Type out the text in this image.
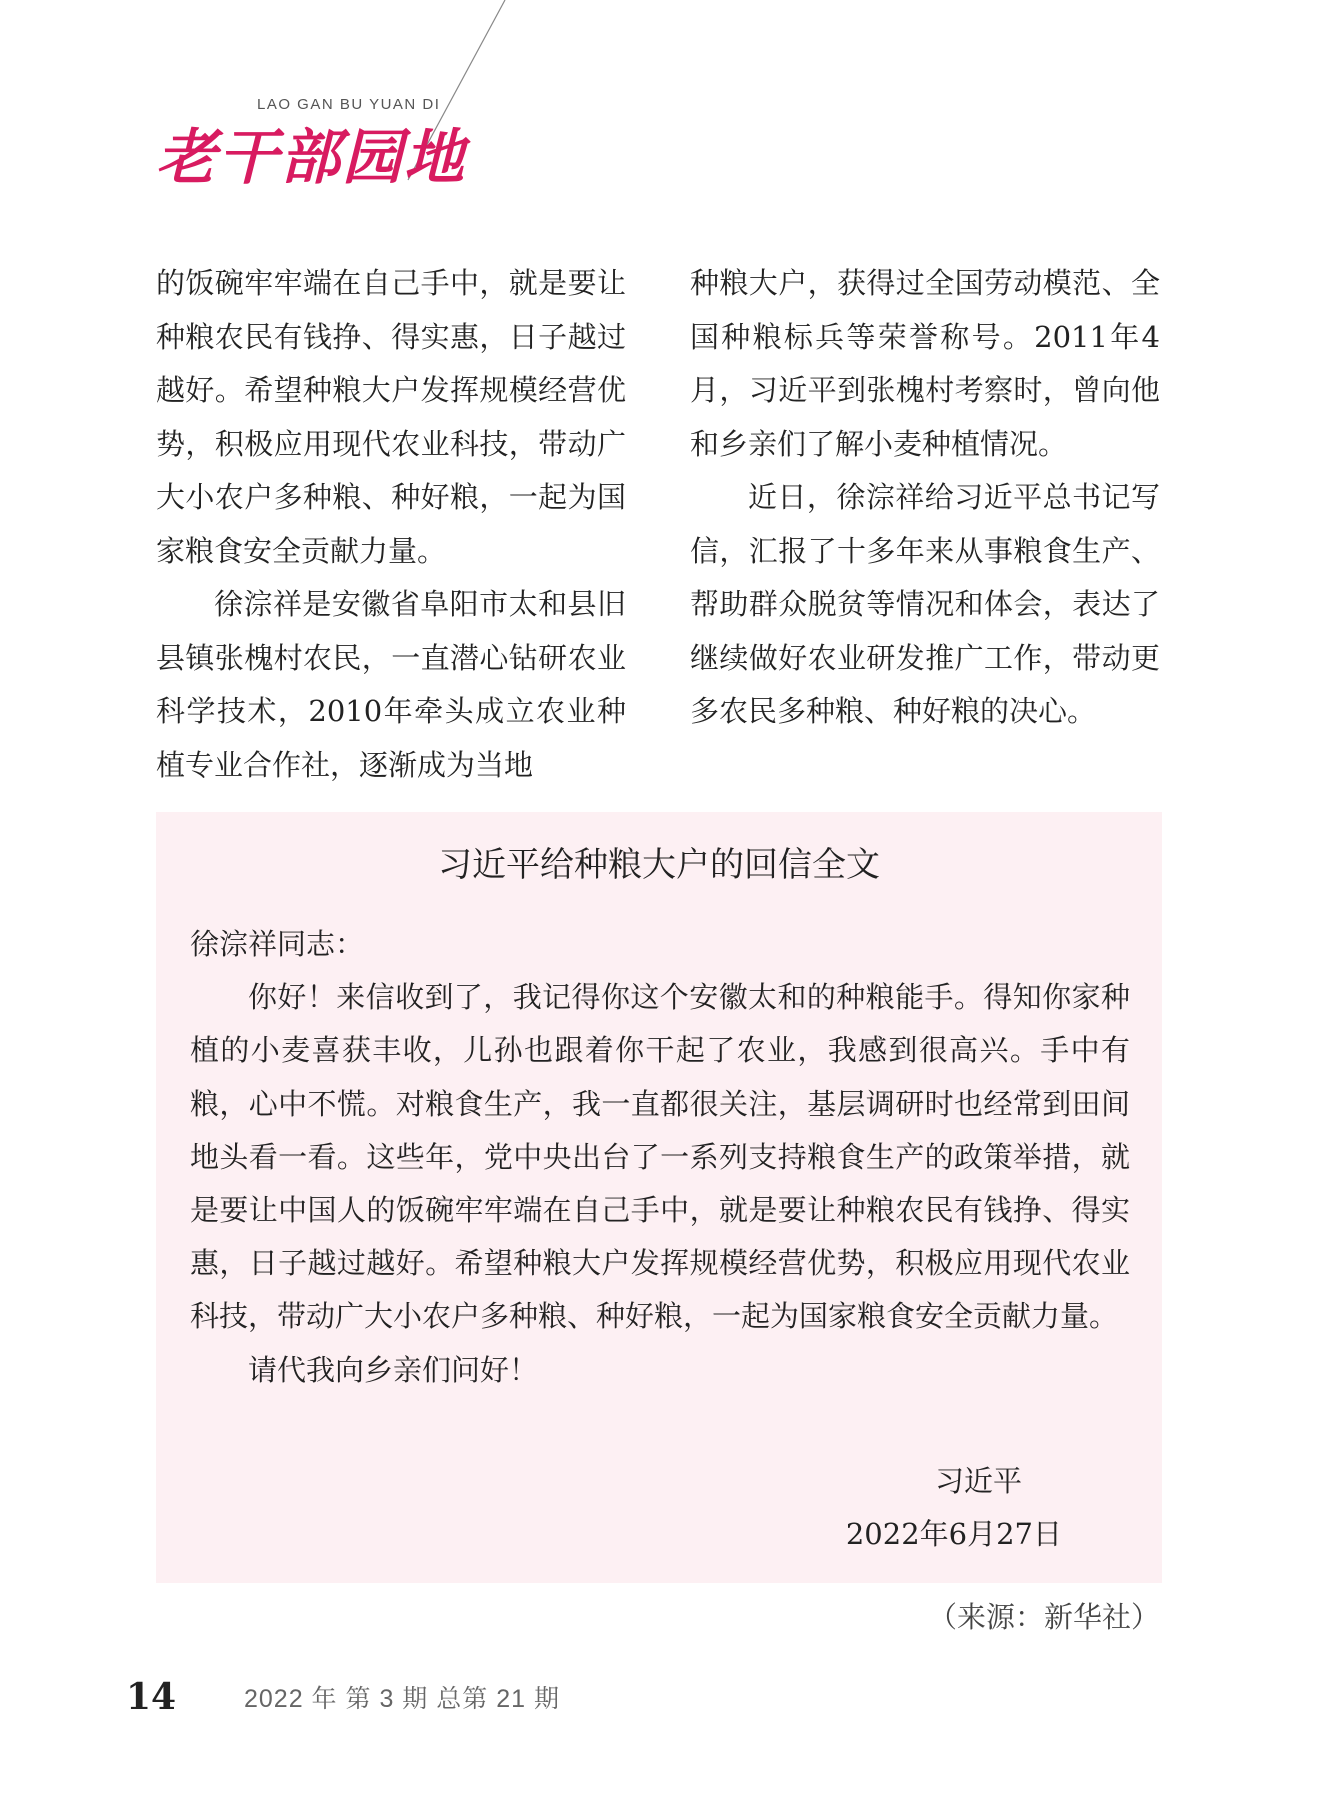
LAO GAN BU YUAN DI
老干部园地

的饭碗牢牢端在自己手中，就是要让种粮农民有钱挣、得实惠，日子越过越好。希望种粮大户发挥规模经营优势，积极应用现代农业科技，带动广大小农户多种粮、种好粮，一起为国家粮食安全贡献力量。

徐淙祥是安徽省阜阳市太和县旧县镇张槐村农民，一直潜心钻研农业科学技术，2010年牵头成立农业种植专业合作社，逐渐成为当地

种粮大户，获得过全国劳动模范、全国种粮标兵等荣誉称号。2011年4月，习近平到张槐村考察时，曾向他和乡亲们了解小麦种植情况。

近日，徐淙祥给习近平总书记写信，汇报了十多年来从事粮食生产、帮助群众脱贫等情况和体会，表达了继续做好农业研发推广工作，带动更多农民多种粮、种好粮的决心。

习近平给种粮大户的回信全文

徐淙祥同志：

你好！来信收到了，我记得你这个安徽太和的种粮能手。得知你家种植的小麦喜获丰收，儿孙也跟着你干起了农业，我感到很高兴。手中有粮，心中不慌。对粮食生产，我一直都很关注，基层调研时也经常到田间地头看一看。这些年，党中央出台了一系列支持粮食生产的政策举措，就是要让中国人的饭碗牢牢端在自己手中，就是要让种粮农民有钱挣、得实惠，日子越过越好。希望种粮大户发挥规模经营优势，积极应用现代农业科技，带动广大小农户多种粮、种好粮，一起为国家粮食安全贡献力量。

请代我向乡亲们问好！

习近平
2022年6月27日
（来源：新华社）
14	2022 年 第 3 期 总第 21 期
